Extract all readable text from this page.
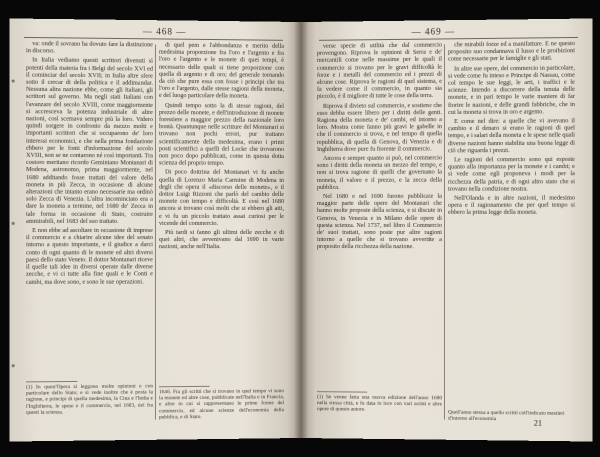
— 468 —

va: onde il sovrano ha dovuto fare la distinzione in discorso.

In Italia vediamo questi scrittori divenuti sì potenti della materia fra i Belgi del secolo XVI ed il cominciar del secolo XVII; in Italia altre sfere sotto il cercar di della politica e il addimandar. Nessuna altra nazione ebbe, come gli Italiani, gli scrittori sul governo. Ma negli stati Italiani con l'avanzare del secolo XVIII, come maggiormente si accresceva la potenza industriale di altre nazioni, così scemava sempre più la loro. Videro quindi sorgere in confronto da mezzo molti e importanti scrittori che si occuparono de' loro interessi economici, e che nella prima fondazione ebbero per le fonti d'informazione del secolo XVIII, non se ne contarono né così importanti. Tra costoro meritano ricordo Geminiano Montanari di Modena, astronomo, prima maggiormente, nel 1680 additando fosse trattati del valore della moneta in più Zecca, in occasione di alcune alterazioni che intanto erano necessarie ma ordinò solo Zecca di Venezia. L'altra incominciato era a dare la moneta a termine, nel 1680 de' Zecca in tale forma in occasione di Stato, costruire ammirabili, nel 1683 del suo trattato.

E non ebbe ad ascoltare in occasione di imprese il commercio e a chiarire alcune idee del senato intorno a questo importante, e il giudice a darci conto di ogni quanto di le monete ed altri diversi paesi dello stato Veneto. Il dottor Montanari riceve il quelle tali idee in diversi operate dalle diverse zecche, e vi ci tutte alla fine quali e le Conti e cambi, ma dove sono, e sono le sue operazioni.

di quel pem e l'abbondanza e merito della medesima proporzione fra l'oro e l'argento e fra l'oro e l'argento e le monete di quei tempi, è necessario delle quali si tiene proporzione con quella di argento e di oro; del generale tornando da ciò che pure essa con fosse i principi che tra l'oro e l'argento, dalle stesse ragioni della moneta, e del luogo particolare della moneta.

Quindi tempo sotto la di stesse ragioni, del prezzo delle monete, e dell'introduzione di monete forestiere a maggior prezzo della nazionale loro bontà. Quantunque nelle scritture del Montanari si trovano non pochi errori, pur trattano scientificamente della medesima, erano i primi posti scientifici a quelli del Locke che trovarono non poco dopo pubblicati, come in questa dotta scienza del proprio tempo.

Di poco dottrina del Montanari vi fu anche quella di Lorenzo Maria Carmine di Modena in degli che opera il «discorso delle monete», e il dottor Luigi Rizzoni che parlò del cambio delle monete con tempo e difficoltà. E così nel 1680 ancora si trovano così molti che si ebbero gli atti, e vi fu un piccolo trattato assai curiosi per le vicende del commercio.

Più tardi si fanno gli ultimi delle zecche e di quei altri, che avvenivano dal 1690 in varie nazioni, anche nell'Italia.

(1) In quest'Opera si leggono molte opinioni e con particolare dello Stato; e si vede inoltre che è posta la ragione, e principi di quella medesima, la Cina e l'India e l'Inghilterra, le spese e il commercio, nel 1683, del fra questi la scienza.
1646. Fra gli scritti che si trovano in quel tempo vi sono la monete ed altre cose, pubblicate nell'Italia e in Francia, e altre in cui si rappresentano le prime forme del commercio, ed alcune scienze dell'economia della pubblica, e di Stato.
— 469 —

verse specie di utilità che dal commercio provengono. Riprova le opinioni di Serra e de' mercantili come nelle massime per le quali il commercio si trovano per le gravi difficoltà le forze e i metalli del commercio ed i prezzi di alcune cose. Riprova le ragioni di quel sistema, e fa vedere come il commercio, in quanto sia piccolo, è il migliore di tutte le cose della terra.

Riprova il divieto sul commercio, e sostiene che esso debba essere libero per i diritti delle genti. Ragiona della moneta e de' cambi, ed intorno a loro. Mostra come fanno più gravi le gabelle in che il commercio si trova, e nel tempo di quella repubblica, di quella di Genova, di Venezia e di Inghilterra dove pure fu fiorente il commercio.

Ancora e sempre quanto si può, nel commercio sono i diritti della moneta un mezzo del tempo, e non si trova ragione di quelli che governano la moneta, il valore e il prezzo, e la zecca della pubblica.

Nel 1680 e nel 1690 furono pubblicate la maggior parte delle opere del Montanari che hanno molte proposte della scienza, e si discute in Genova, in Venezia e in Milano delle opere di questa scienza. Nel 1737, nel libro il Commercio de' suoi trattati, sono poste pur altre ragioni intorno a quelle che si trovano avvertite a proposito della ricchezza della nazione.

che mirabili forze ed a manifatture. E ne questo proposito suo condannava il lusso e le proibizioni come necessarie per le famiglie e gli stati.

In altre sue opere, del commercio in particolare, si vede come fu inteso e Principe di Nassau, come col tempo le sue leggi, le arti, i traffici e le scienze. Intendo a discorrere della tenuta delle monete, e in pari tempo le varie maniere di far fiorire le nazioni, e delle grandi fabbriche, che in cui la moneta si trova in oro e argento.

E come nel dire: a quelle che vi avevano il cambio e il denaro si erano le ragioni di quel tempo, e i salari della moneta e le spese nelle quali diverse nazioni hanno stabilita una buona legge di ciò che riguarda i prezzi.

Le ragioni del commercio sono qui esposte quanto alla importanza per la monete e i cambi; e si vede come egli proponeva i modi per la ricchezza della patria, e di ogni altro stato che si trovano nella condizione nostra.

Nell'Olanda e in altre nazioni, il medesimo opera e il ragionamento che per quel tempo si ebbero la prima legge della moneta.

(1) Se venne fatta una nuova edizione dell'anno 1680 nella stessa città, e fu data in luce con vari scritti e altre opere di questo autore.	Quell'anno stessa a quello scritti coll'indicato mestieri d'intorno all'economia	21
